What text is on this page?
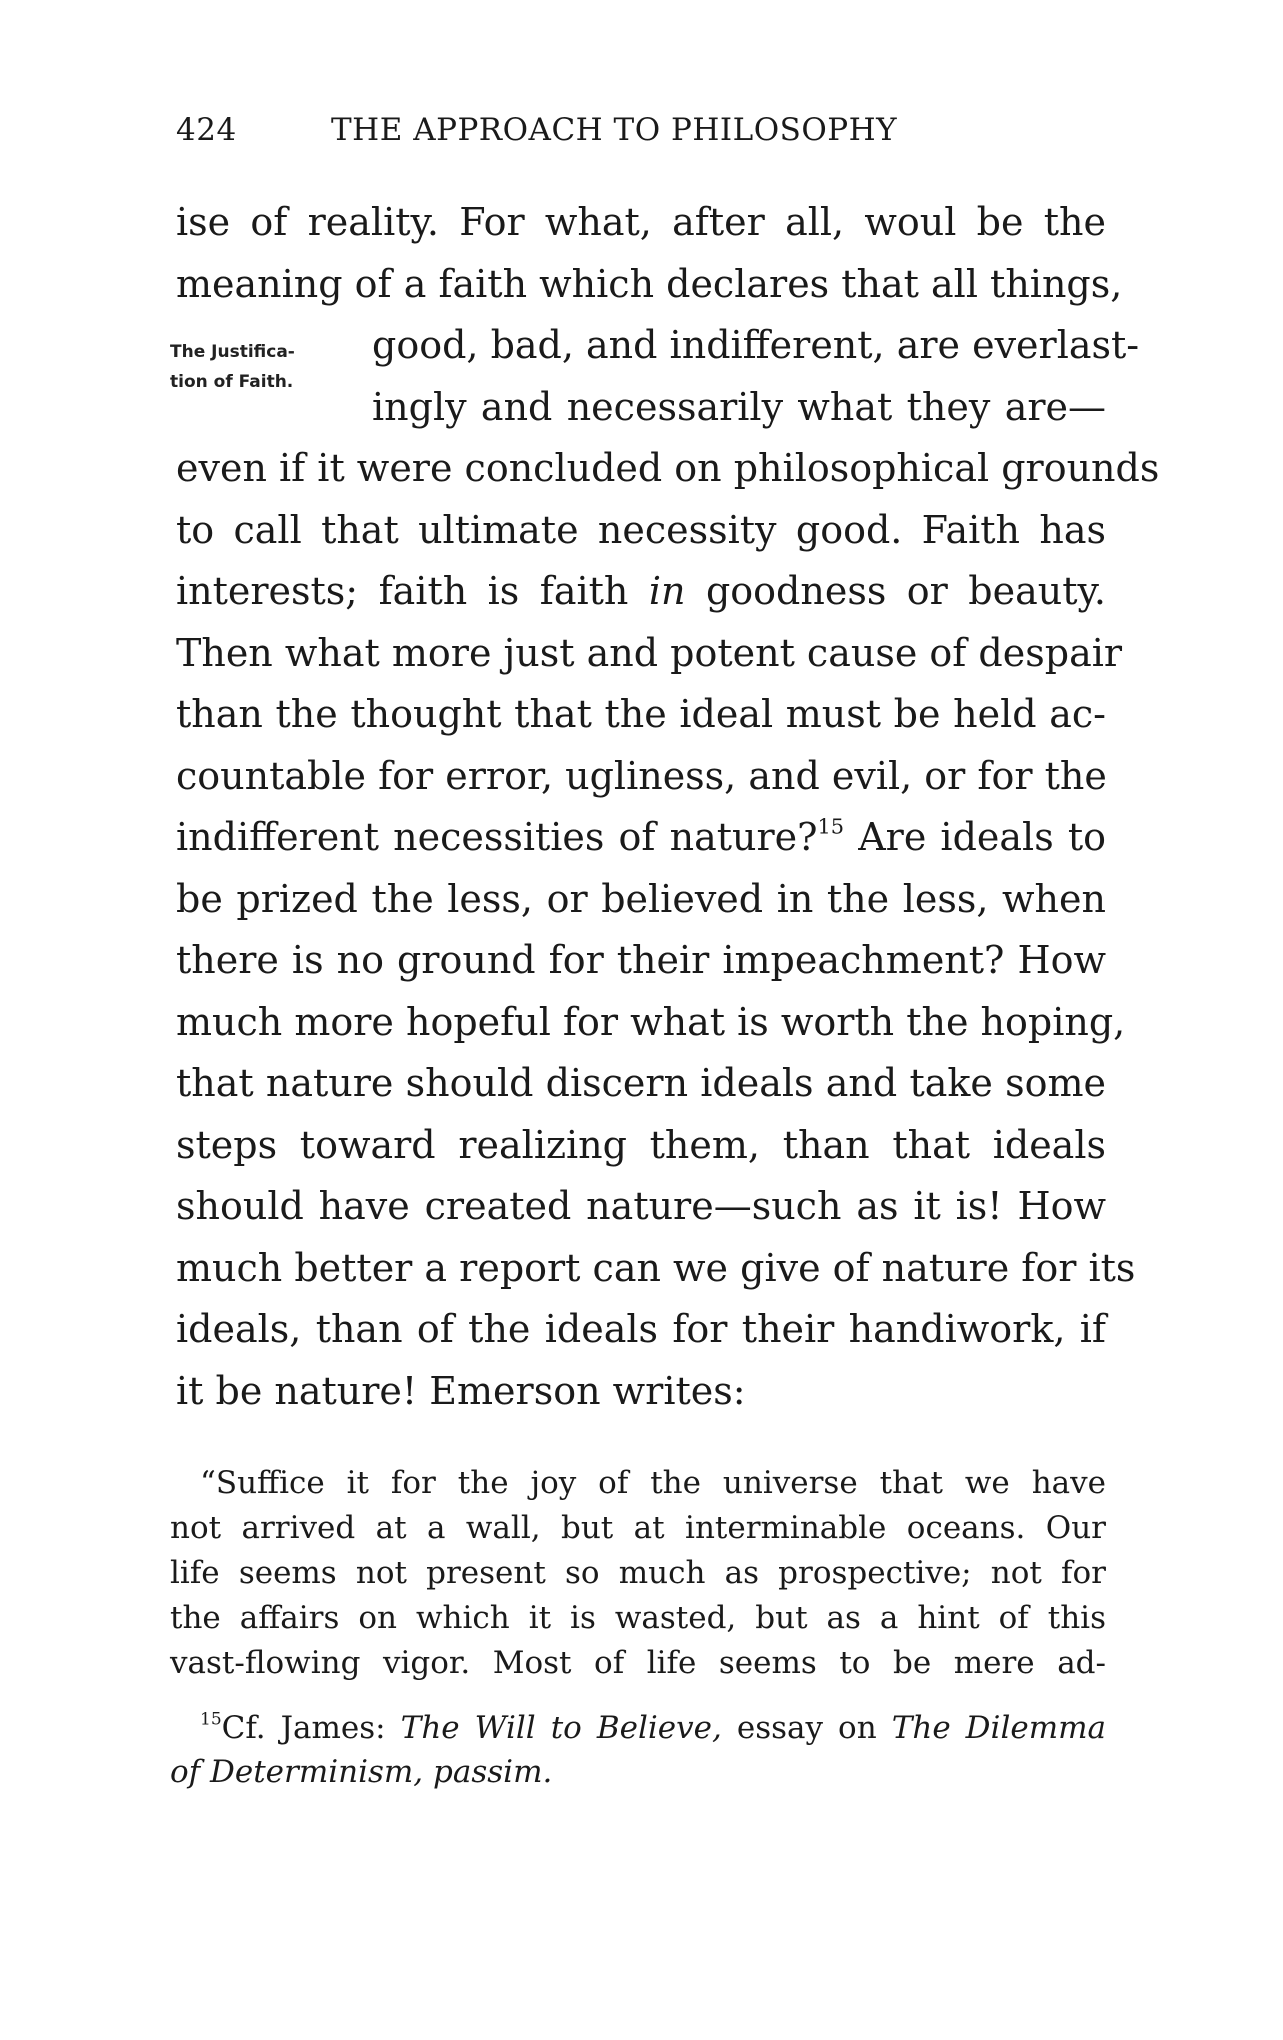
424	THE APPROACH TO PHILOSOPHY
The Justifica-
tion of Faith.
ise of reality. For what, after all, woul be the
meaning of a faith which declares that all things,
good, bad, and indifferent, are everlast-
ingly and necessarily what they are—
even if it were concluded on philosophical grounds
to call that ultimate necessity good. Faith has
interests; faith is faith in goodness or beauty.
Then what more just and potent cause of despair
than the thought that the ideal must be held ac-
countable for error, ugliness, and evil, or for the
indifferent necessities of nature?$^{15}$ Are ideals to
be prized the less, or believed in the less, when
there is no ground for their impeachment? How
much more hopeful for what is worth the hoping,
that nature should discern ideals and take some
steps toward realizing them, than that ideals
should have created nature—such as it is! How
much better a report can we give of nature for its
ideals, than of the ideals for their handiwork, if
it be nature! Emerson writes:
“Suffice it for the joy of the universe that we have
not arrived at a wall, but at interminable oceans. Our
life seems not present so much as prospective; not for
the affairs on which it is wasted, but as a hint of this
vast-flowing vigor. Most of life seems to be mere ad-
$^{15}$Cf. James: The Will to Believe, essay on The Dilemma
of Determinism, passim.
